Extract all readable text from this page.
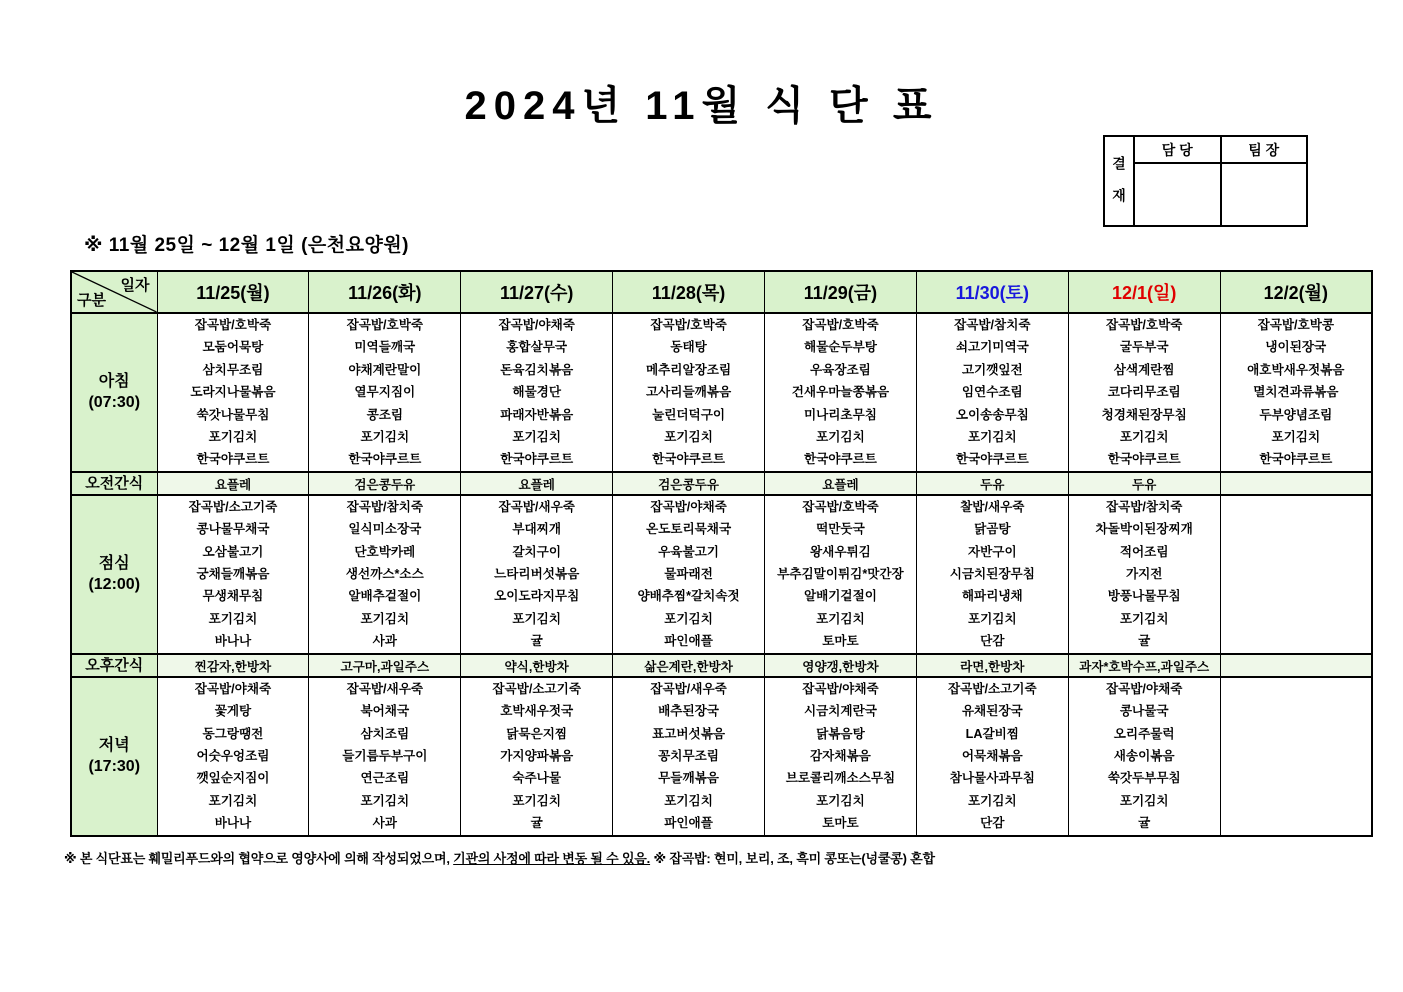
2024년 11월 식 단 표
결재
담 당	팀 장
※ 11월 25일 ~ 12월 1일 (은천요양원)
일자
구분	11/25(월)	11/26(화)	11/27(수)	11/28(목)	11/29(금)	11/30(토)	12/1(일)	12/2(월)

아침
(07:30)

잡곡밥/호박죽
모둠어묵탕
삼치무조림
도라지나물볶음
쑥갓나물무침
포기김치
한국야쿠르트

잡곡밥/호박죽
미역들깨국
야채계란말이
열무지짐이
콩조림
포기김치
한국야쿠르트

잡곡밥/야채죽
홍합살무국
돈육김치볶음
해물경단
파래자반볶음
포기김치
한국야쿠르트

잡곡밥/호박죽
동태탕
메추리알장조림
고사리들깨볶음
눌린더덕구이
포기김치
한국야쿠르트

잡곡밥/호박죽
해물순두부탕
우육장조림
건새우마늘쫑볶음
미나리초무침
포기김치
한국야쿠르트

잡곡밥/참치죽
쇠고기미역국
고기깻잎전
임연수조림
오이송송무침
포기김치
한국야쿠르트

잡곡밥/호박죽
굴두부국
삼색계란찜
코다리무조림
청경채된장무침
포기김치
한국야쿠르트

잡곡밥/호박콩
냉이된장국
애호박새우젓볶음
멸치견과류볶음
두부양념조림
포기김치
한국야쿠르트

오전간식	요플레	검은콩두유	요플레	검은콩두유	요플레	두유	두유	

점심
(12:00)

잡곡밥/소고기죽
콩나물무채국
오삼불고기
궁채들깨볶음
무생채무침
포기김치
바나나

잡곡밥/참치죽
일식미소장국
단호박카레
생선까스*소스
알배추겉절이
포기김치
사과

잡곡밥/새우죽
부대찌개
갈치구이
느타리버섯볶음
오이도라지무침
포기김치
귤

잡곡밥/야채죽
온도토리묵채국
우육불고기
물파래전
양배추찜*갈치속젓
포기김치
파인애플

잡곡밥/호박죽
떡만둣국
왕새우튀김
부추김말이튀김*맛간장
알배기겉절이
포기김치
토마토

찰밥/새우죽
닭곰탕
자반구이
시금치된장무침
해파리냉채
포기김치
단감

잡곡밥/참치죽
차돌박이된장찌개
적어조림
가지전
방풍나물무침
포기김치
귤

오후간식	찐감자,한방차	고구마,과일주스	약식,한방차	삶은계란,한방차	영양갱,한방차	라면,한방차	과자*호박수프,과일주스	

저녁
(17:30)

잡곡밥/야채죽
꽃게탕
동그랑땡전
어숫우엉조림
깻잎순지짐이
포기김치
바나나

잡곡밥/새우죽
북어채국
삼치조림
들기름두부구이
연근조림
포기김치
사과

잡곡밥/소고기죽
호박새우젓국
닭묵은지찜
가지양파볶음
숙주나물
포기김치
귤

잡곡밥/새우죽
배추된장국
표고버섯볶음
꽁치무조림
무들깨볶음
포기김치
파인애플

잡곡밥/야채죽
시금치계란국
닭볶음탕
감자채볶음
브로콜리깨소스무침
포기김치
토마토

잡곡밥/소고기죽
유채된장국
LA갈비찜
어묵채볶음
참나물사과무침
포기김치
단감

잡곡밥/야채죽
콩나물국
오리주물럭
새송이볶음
쑥갓두부무침
포기김치
귤

※ 본 식단표는 훼밀리푸드와의 협약으로 영양사에 의해 작성되었으며, 기관의 사정에 따라 변동 될 수 있음. ※ 잡곡밥: 현미, 보리, 조, 흑미 콩또는(넝쿨콩) 혼합
